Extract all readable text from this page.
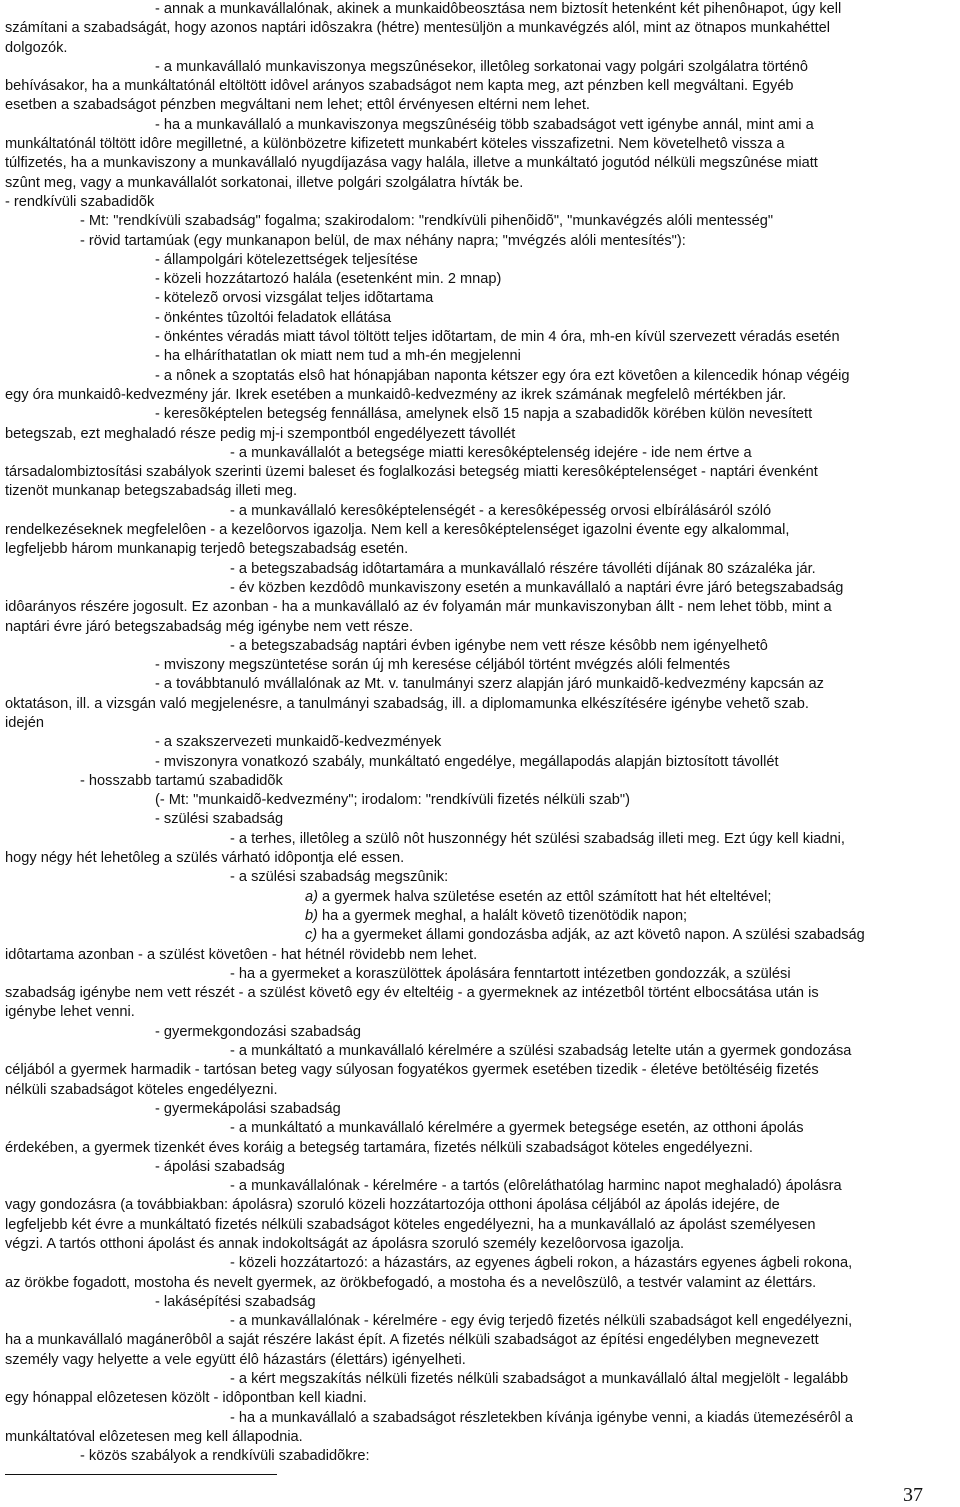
- annak a munkavállalónak, akinek a munkaidôbeosztása nem biztosít hetenként két pihenôнapot, úgy kell
számítani a szabadságát, hogy azonos naptári idôszakra (hétre) mentesüljön a munkavégzés alól, mint az ötnapos munkahéttel
dolgozók.
- a munkavállaló munkaviszonya megszûnésekor, illetôleg sorkatonai vagy polgári szolgálatra történô
behívásakor, ha a munkáltatónál eltöltött idôvel arányos szabadságot nem kapta meg, azt pénzben kell megváltani. Egyéb
esetben a szabadságot pénzben megváltani nem lehet; ettôl érvényesen eltérni nem lehet.
- ha a munkavállaló a munkaviszonya megszûnéséig több szabadságot vett igénybe annál, mint ami a
munkáltatónál töltött idôre megilletné, a különbözetre kifizetett munkabért köteles visszafizetni. Nem követelhetô vissza a
túlfizetés, ha a munkaviszony a munkavállaló nyugdíjazása vagy halála, illetve a munkáltató jogutód nélküli megszûnése miatt
szûnt meg, vagy a munkavállalót sorkatonai, illetve polgári szolgálatra hívták be.
- rendkívüli szabadidõk
- Mt: "rendkívüli szabadság" fogalma; szakirodalom: "rendkívüli pihenõidõ", "munkavégzés alóli mentesség"
- rövid tartamúak (egy munkanapon belül, de max néhány napra; "mvégzés alóli mentesítés"):
- állampolgári kötelezettségek teljesítése
- közeli hozzátartozó halála (esetenként min. 2 mnap)
- kötelezõ orvosi vizsgálat teljes idõtartama
- önkéntes tûzoltói feladatok ellátása
- önkéntes véradás miatt távol töltött teljes idõtartam, de min 4 óra, mh-en kívül szervezett véradás esetén
- ha elháríthatatlan ok miatt nem tud a mh-én megjelenni
- a nônek a szoptatás elsô hat hónapjában naponta kétszer egy óra ezt követôen a kilencedik hónap végéig
egy óra munkaidô-kedvezmény jár. Ikrek esetében a munkaidô-kedvezmény az ikrek számának megfelelô mértékben jár.
- keresõképtelen betegség fennállása, amelynek elsõ 15 napja a szabadidõk körében külön nevesített
betegszab, ezt meghaladó része pedig mj-i szempontból engedélyezett távollét
- a munkavállalót a betegsége miatti keresôképtelenség idejére - ide nem értve a
társadalombiztosítási szabályok szerinti üzemi baleset és foglalkozási betegség miatti keresôképtelenséget - naptári évenként
tizenöt munkanap betegszabadság illeti meg.
- a munkavállaló keresôképtelenségét - a keresôképesség orvosi elbírálásáról szóló
rendelkezéseknek megfelelôen - a kezelôorvos igazolja. Nem kell a keresôképtelenséget igazolni évente egy alkalommal,
legfeljebb három munkanapig terjedô betegszabadság esetén.
- a betegszabadság idôtartamára a munkavállaló részére távolléti díjának 80 százaléka jár.
- év közben kezdôdô munkaviszony esetén a munkavállaló a naptári évre járó betegszabadság
idôarányos részére jogosult. Ez azonban - ha a munkavállaló az év folyamán már munkaviszonyban állt - nem lehet több, mint a
naptári évre járó betegszabadság még igénybe nem vett része.
- a betegszabadság naptári évben igénybe nem vett része késôbb nem igényelhetô
- mviszony megszüntetése során új mh keresése céljából történt mvégzés alóli felmentés
- a továbbtanuló mvállalónak az Mt. v. tanulmányi szerz alapján járó munkaidõ-kedvezmény kapcsán az
oktatáson, ill. a vizsgán való megjelenésre, a tanulmányi szabadság, ill. a diplomamunka elkészítésére igénybe vehetõ szab.
idején
- a szakszervezeti munkaidõ-kedvezmények
- mviszonyra vonatkozó szabály, munkáltató engedélye, megállapodás alapján biztosított távollét
- hosszabb tartamú szabadidõk
(- Mt: "munkaidõ-kedvezmény"; irodalom: "rendkívüli fizetés nélküli szab")
- szülési szabadság
- a terhes, illetôleg a szülô nôt huszonnégy hét szülési szabadság illeti meg. Ezt úgy kell kiadni,
hogy négy hét lehetôleg a szülés várható idôpontja elé essen.
- a szülési szabadság megszûnik:
a) a gyermek halva születése esetén az ettôl számított hat hét elteltével;
b) ha a gyermek meghal, a halált követô tizenötödik napon;
c) ha a gyermeket állami gondozásba adják, az azt követô napon. A szülési szabadság
idôtartama azonban - a szülést követôen - hat hétnél rövidebb nem lehet.
- ha a gyermeket a koraszülöttek ápolására fenntartott intézetben gondozzák, a szülési
szabadság igénybe nem vett részét - a szülést követô egy év elteltéig - a gyermeknek az intézetbôl történt elbocsátása után is
igénybe lehet venni.
- gyermekgondozási szabadság
- a munkáltató a munkavállaló kérelmére a szülési szabadság letelte után a gyermek gondozása
céljából a gyermek harmadik - tartósan beteg vagy súlyosan fogyatékos gyermek esetében tizedik - életéve betöltéséig fizetés
nélküli szabadságot köteles engedélyezni.
- gyermekápolási szabadság
- a munkáltató a munkavállaló kérelmére a gyermek betegsége esetén, az otthoni ápolás
érdekében, a gyermek tizenkét éves koráig a betegség tartamára, fizetés nélküli szabadságot köteles engedélyezni.
- ápolási szabadság
- a munkavállalónak - kérelmére - a tartós (elôreláthatólag harminc napot meghaladó) ápolásra
vagy gondozásra (a továbbiakban: ápolásra) szoruló közeli hozzátartozója otthoni ápolása céljából az ápolás idejére, de
legfeljebb két évre a munkáltató fizetés nélküli szabadságot köteles engedélyezni, ha a munkavállaló az ápolást személyesen
végzi. A tartós otthoni ápolást és annak indokoltságát az ápolásra szoruló személy kezelôorvosa igazolja.
- közeli hozzátartozó: a házastárs, az egyenes ágbeli rokon, a házastárs egyenes ágbeli rokona,
az örökbe fogadott, mostoha és nevelt gyermek, az örökbefogadó, a mostoha és a nevelôszülô, a testvér valamint az élettárs.
- lakásépítési szabadság
- a munkavállalónak - kérelmére - egy évig terjedô fizetés nélküli szabadságot kell engedélyezni,
ha a munkavállaló magánerôbôl a saját részére lakást épít. A fizetés nélküli szabadságot az építési engedélyben megnevezett
személy vagy helyette a vele együtt élô házastárs (élettárs) igényelheti.
- a kért megszakítás nélküli fizetés nélküli szabadságot a munkavállaló által megjelölt - legalább
egy hónappal elôzetesen közölt - idôpontban kell kiadni.
- ha a munkavállaló a szabadságot részletekben kívánja igénybe venni, a kiadás ütemezésérôl a
munkáltatóval elôzetesen meg kell állapodnia.
- közös szabályok a rendkívüli szabadidõkre:
37
